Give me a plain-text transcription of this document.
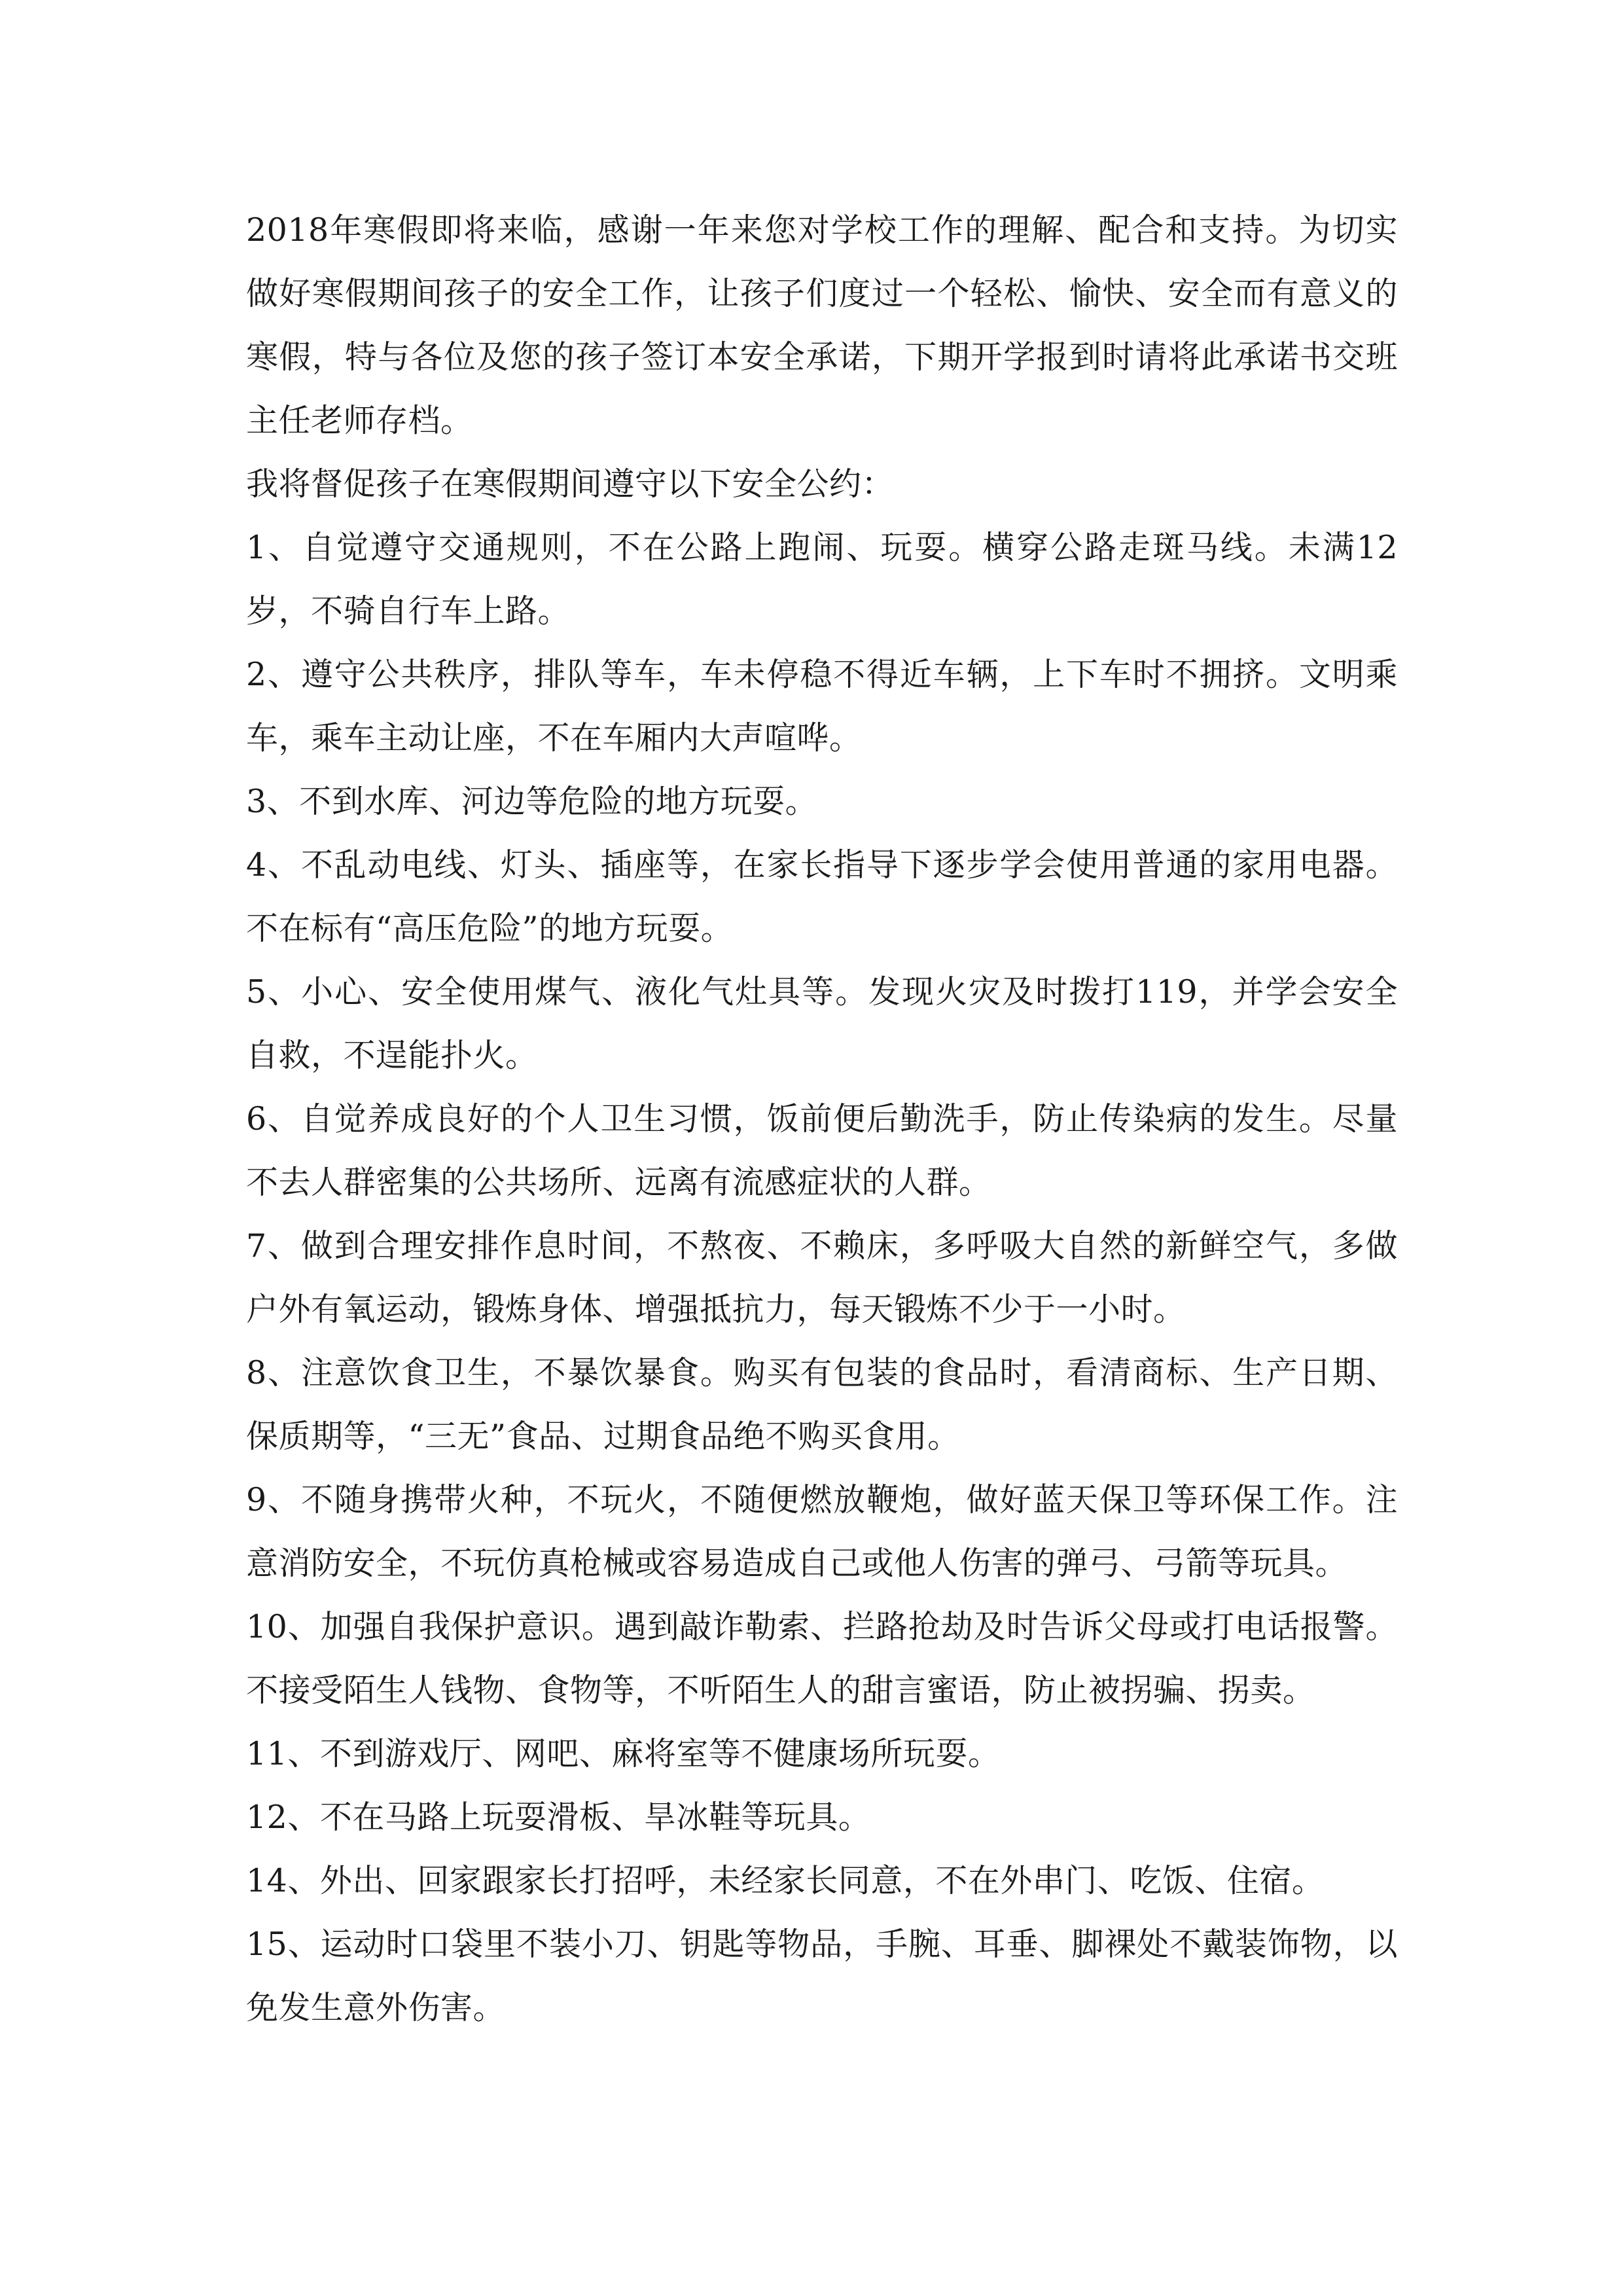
2018年寒假即将来临，感谢一年来您对学校工作的理解、配合和支持。为切实做好寒假期间孩子的安全工作，让孩子们度过一个轻松、愉快、安全而有意义的寒假，特与各位及您的孩子签订本安全承诺，下期开学报到时请将此承诺书交班主任老师存档。

我将督促孩子在寒假期间遵守以下安全公约：

1、自觉遵守交通规则，不在公路上跑闹、玩耍。横穿公路走斑马线。未满12岁，不骑自行车上路。

2、遵守公共秩序，排队等车，车未停稳不得近车辆，上下车时不拥挤。文明乘车，乘车主动让座，不在车厢内大声喧哗。

3、不到水库、河边等危险的地方玩耍。

4、不乱动电线、灯头、插座等，在家长指导下逐步学会使用普通的家用电器。不在标有“高压危险”的地方玩耍。

5、小心、安全使用煤气、液化气灶具等。发现火灾及时拨打119，并学会安全自救，不逞能扑火。

6、自觉养成良好的个人卫生习惯，饭前便后勤洗手，防止传染病的发生。尽量不去人群密集的公共场所、远离有流感症状的人群。

7、做到合理安排作息时间，不熬夜、不赖床，多呼吸大自然的新鲜空气，多做户外有氧运动，锻炼身体、增强抵抗力，每天锻炼不少于一小时。

8、注意饮食卫生，不暴饮暴食。购买有包装的食品时，看清商标、生产日期、保质期等，“三无”食品、过期食品绝不购买食用。

9、不随身携带火种，不玩火，不随便燃放鞭炮，做好蓝天保卫等环保工作。注意消防安全，不玩仿真枪械或容易造成自己或他人伤害的弹弓、弓箭等玩具。

10、加强自我保护意识。遇到敲诈勒索、拦路抢劫及时告诉父母或打电话报警。不接受陌生人钱物、食物等，不听陌生人的甜言蜜语，防止被拐骗、拐卖。

11、不到游戏厅、网吧、麻将室等不健康场所玩耍。

12、不在马路上玩耍滑板、旱冰鞋等玩具。

14、外出、回家跟家长打招呼，未经家长同意，不在外串门、吃饭、住宿。

15、运动时口袋里不装小刀、钥匙等物品，手腕、耳垂、脚裸处不戴装饰物，以免发生意外伤害。
